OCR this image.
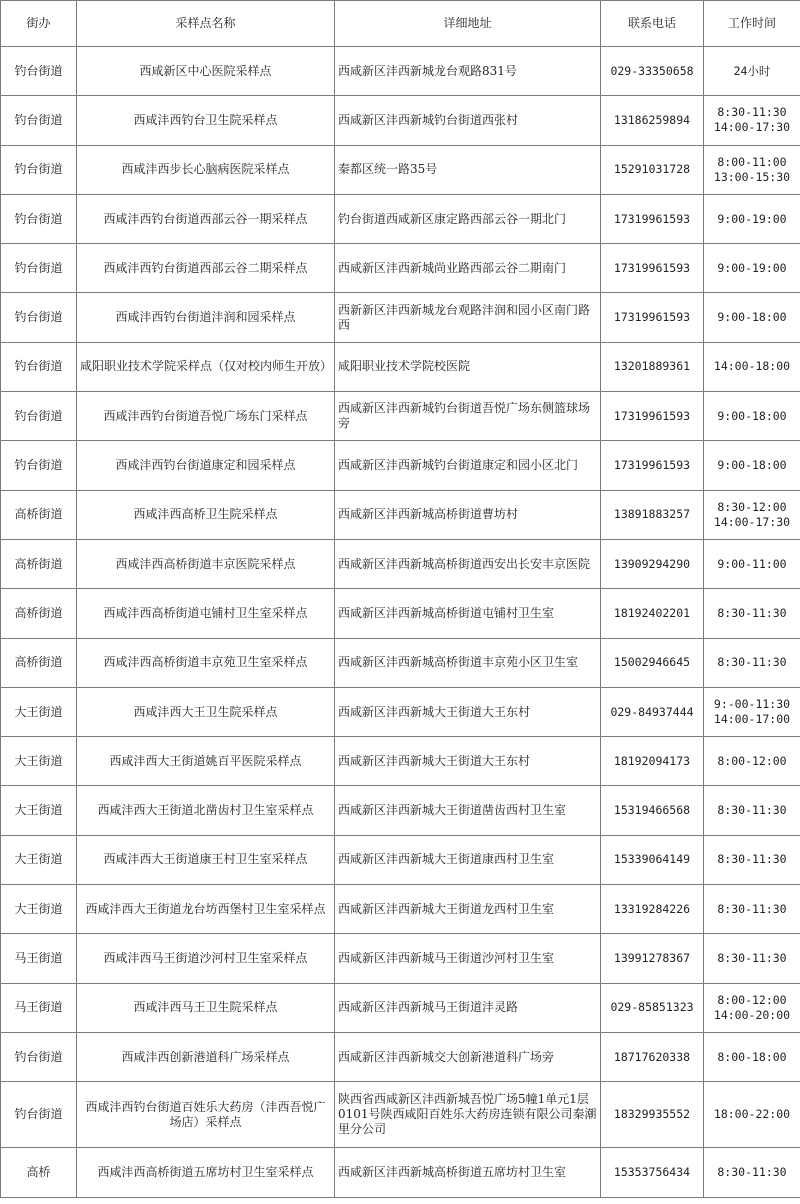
街办	采样点名称	详细地址	联系电话	工作时间
钓台街道	西咸新区中心医院采样点	西咸新区沣西新城龙台观路831号	029-33350658	24小时
钓台街道	西咸沣西钓台卫生院采样点	西咸新区沣西新城钓台街道西张村	13186259894	8:30-11:30
14:00-17:30
钓台街道	西咸沣西步长心脑病医院采样点	秦都区统一路35号	15291031728	8:00-11:00
13:00-15:30
钓台街道	西咸沣西钓台街道西部云谷一期采样点	钓台街道西咸新区康定路西部云谷一期北门	17319961593	9:00-19:00
钓台街道	西咸沣西钓台街道西部云谷二期采样点	西咸新区沣西新城尚业路西部云谷二期南门	17319961593	9:00-19:00
钓台街道	西咸沣西钓台街道沣润和园采样点	西新新区沣西新城龙台观路沣润和园小区南门路西	17319961593	9:00-18:00
钓台街道	咸阳职业技术学院采样点（仅对校内师生开放）	咸阳职业技术学院校医院	13201889361	14:00-18:00
钓台街道	西咸沣西钓台街道吾悦广场东门采样点	西咸新区沣西新城钓台街道吾悦广场东侧篮球场旁	17319961593	9:00-18:00
钓台街道	西咸沣西钓台街道康定和园采样点	西咸新区沣西新城钓台街道康定和园小区北门	17319961593	9:00-18:00
高桥街道	西咸沣西高桥卫生院采样点	西咸新区沣西新城高桥街道曹坊村	13891883257	8:30-12:00
14:00-17:30
高桥街道	西咸沣西高桥街道丰京医院采样点	西咸新区沣西新城高桥街道西安出长安丰京医院	13909294290	9:00-11:00
高桥街道	西咸沣西高桥街道屯铺村卫生室采样点	西咸新区沣西新城高桥街道屯铺村卫生室	18192402201	8:30-11:30
高桥街道	西咸沣西高桥街道丰京苑卫生室采样点	西咸新区沣西新城高桥街道丰京苑小区卫生室	15002946645	8:30-11:30
大王街道	西咸沣西大王卫生院采样点	西咸新区沣西新城大王街道大王东村	029-84937444	9:-00-11:30
14:00-17:00
大王街道	西咸沣西大王街道姚百平医院采样点	西咸新区沣西新城大王街道大王东村	18192094173	8:00-12:00
大王街道	西咸沣西大王街道北凿齿村卫生室采样点	西咸新区沣西新城大王街道凿齿西村卫生室	15319466568	8:30-11:30
大王街道	西咸沣西大王街道康王村卫生室采样点	西咸新区沣西新城大王街道康西村卫生室	15339064149	8:30-11:30
大王街道	西咸沣西大王街道龙台坊西堡村卫生室采样点	西咸新区沣西新城大王街道龙西村卫生室	13319284226	8:30-11:30
马王街道	西咸沣西马王街道沙河村卫生室采样点	西咸新区沣西新城马王街道沙河村卫生室	13991278367	8:30-11:30
马王街道	西咸沣西马王卫生院采样点	西咸新区沣西新城马王街道沣灵路	029-85851323	8:00-12:00
14:00-20:00
钓台街道	西咸沣西创新港道科广场采样点	西咸新区沣西新城交大创新港道科广场旁	18717620338	8:00-18:00
钓台街道	西咸沣西钓台街道百姓乐大药房（沣西吾悦广场店）采样点	陕西省西咸新区沣西新城吾悦广场5幢1单元1层0101号陕西咸阳百姓乐大药房连锁有限公司秦潮里分公司	18329935552	18:00-22:00
高桥	西咸沣西高桥街道五席坊村卫生室采样点	西咸新区沣西新城高桥街道五席坊村卫生室	15353756434	8:30-11:30
